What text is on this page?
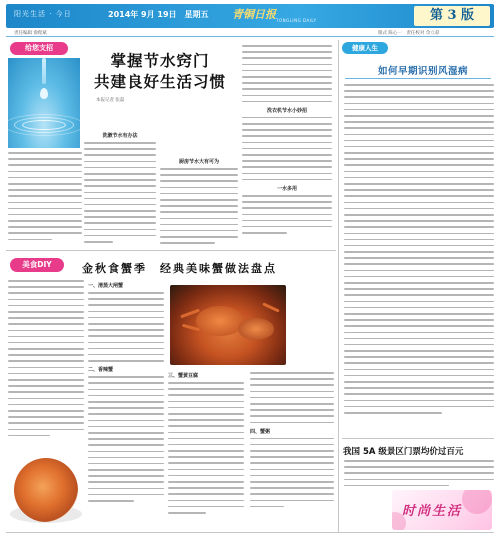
阳光生活 · 今日	2014年 9月 19日　星期五 青铜日报 TONGLING DAILY	第 3 版
责任编辑 俞程斌	版式 陈心一　责任校对 佘立彩
给您支招
掌握节水窍门
共建良好生活习惯
本报记者 张磊
洗漱节水有办法
厨房节水大有可为
洗衣机节水小妙招
一水多用
健康人生
如何早期识别风湿病
我国 5A 级景区门票均价过百元
时尚生活
美食DIY	金秋食蟹季　经典美味蟹做法盘点
一、清蒸大闸蟹
二、香辣蟹
三、蟹黄豆腐
四、蟹粥
